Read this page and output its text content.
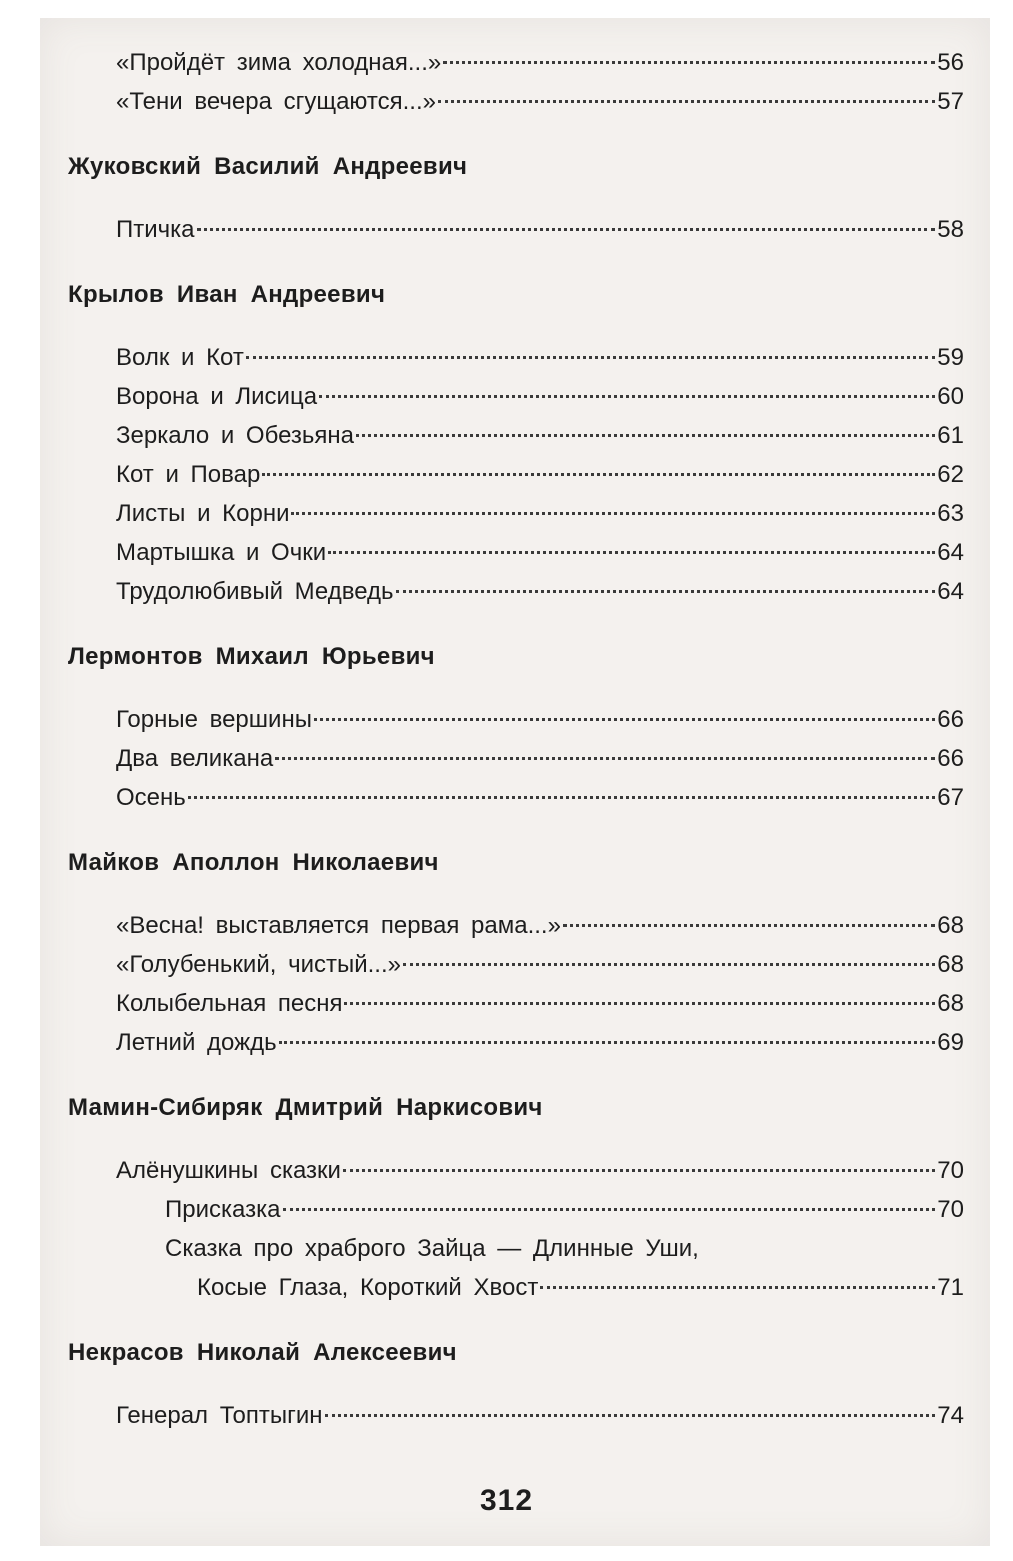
«Пройдёт зима холодная...»	56
«Тени вечера сгущаются...»	57
Жуковский Василий Андреевич
Птичка	58
Крылов Иван Андреевич
Волк и Кот	59
Ворона и Лисица	60
Зеркало и Обезьяна	61
Кот и Повар	62
Листы и Корни	63
Мартышка и Очки	64
Трудолюбивый Медведь	64
Лермонтов Михаил Юрьевич
Горные вершины	66
Два великана	66
Осень	67
Майков Аполлон Николаевич
«Весна! выставляется первая рама...»	68
«Голубенький, чистый...»	68
Колыбельная песня	68
Летний дождь	69
Мамин-Сибиряк Дмитрий Наркисович
Алёнушкины сказки	70
Присказка	70
Сказка про храброго Зайца — Длинные Уши,
Косые Глаза, Короткий Хвост	71
Некрасов Николай Алексеевич
Генерал Топтыгин	74
312
